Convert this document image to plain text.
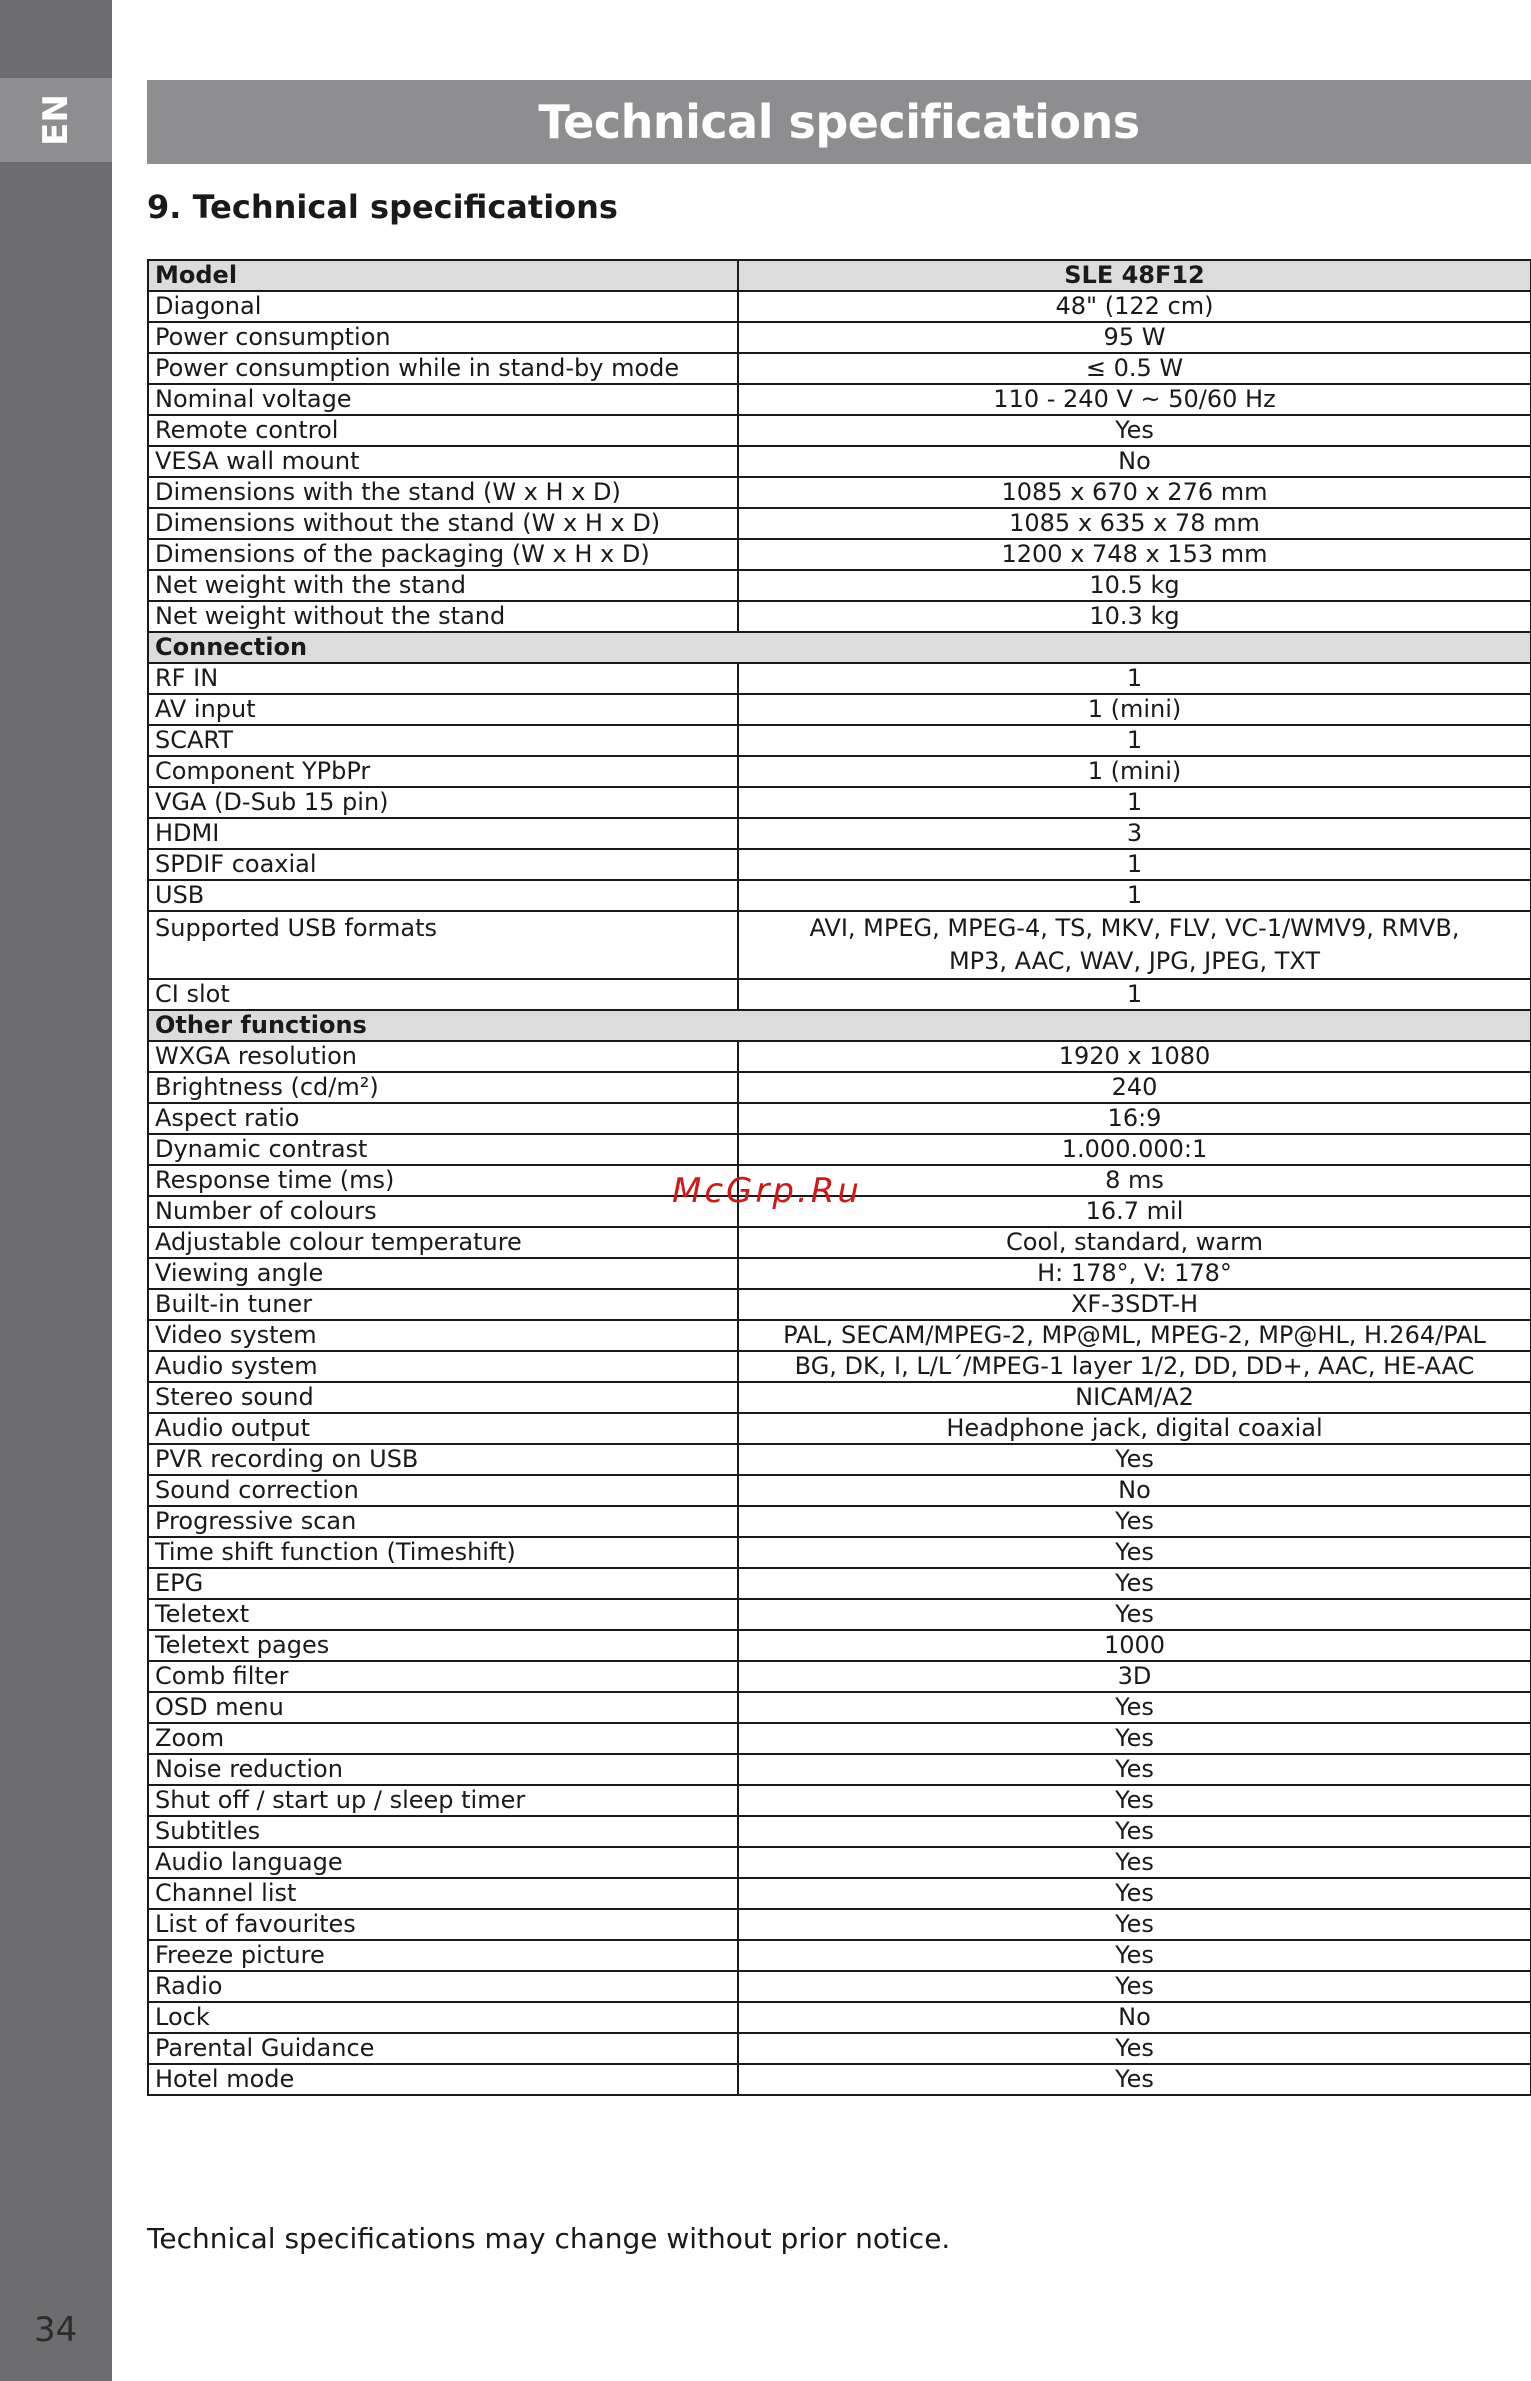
EN
34
Technical specifications
9. Technical specifications
Model	SLE 48F12
Diagonal	48" (122 cm)
Power consumption	95 W
Power consumption while in stand-by mode	≤ 0.5 W
Nominal voltage	110 - 240 V ~ 50/60 Hz
Remote control	Yes
VESA wall mount	No
Dimensions with the stand (W x H x D)	1085 x 670 x 276 mm
Dimensions without the stand (W x H x D)	1085 x 635 x 78 mm
Dimensions of the packaging (W x H x D)	1200 x 748 x 153 mm
Net weight with the stand	10.5 kg
Net weight without the stand	10.3 kg
Connection	
RF IN	1
AV input	1 (mini)
SCART	1
Component YPbPr	1 (mini)
VGA (D-Sub 15 pin)	1
HDMI	3
SPDIF coaxial	1
USB	1
Supported USB formats	AVI, MPEG, MPEG-4, TS, MKV, FLV, VC-1/WMV9, RMVB,
MP3, AAC, WAV, JPG, JPEG, TXT

CI slot	1
Other functions	
WXGA resolution	1920 x 1080
Brightness (cd/m²)	240
Aspect ratio	16:9
Dynamic contrast	1.000.000:1
Response time (ms)	8 ms
Number of colours	16.7 mil
Adjustable colour temperature	Cool, standard, warm
Viewing angle	H: 178°, V: 178°
Built-in tuner	XF-3SDT-H
Video system	PAL, SECAM/MPEG-2, MP@ML, MPEG-2, MP@HL, H.264/PAL
Audio system	BG, DK, I, L/L´/MPEG-1 layer 1/2, DD, DD+, AAC, HE-AAC
Stereo sound	NICAM/A2
Audio output	Headphone jack, digital coaxial
PVR recording on USB	Yes
Sound correction	No
Progressive scan	Yes
Time shift function (Timeshift)	Yes
EPG	Yes
Teletext	Yes
Teletext pages	1000
Comb filter	3D
OSD menu	Yes
Zoom	Yes
Noise reduction	Yes
Shut off / start up / sleep timer	Yes
Subtitles	Yes
Audio language	Yes
Channel list	Yes
List of favourites	Yes
Freeze picture	Yes
Radio	Yes
Lock	No
Parental Guidance	Yes
Hotel mode	Yes
Technical specifications may change without prior notice.
McGrp.Ru
